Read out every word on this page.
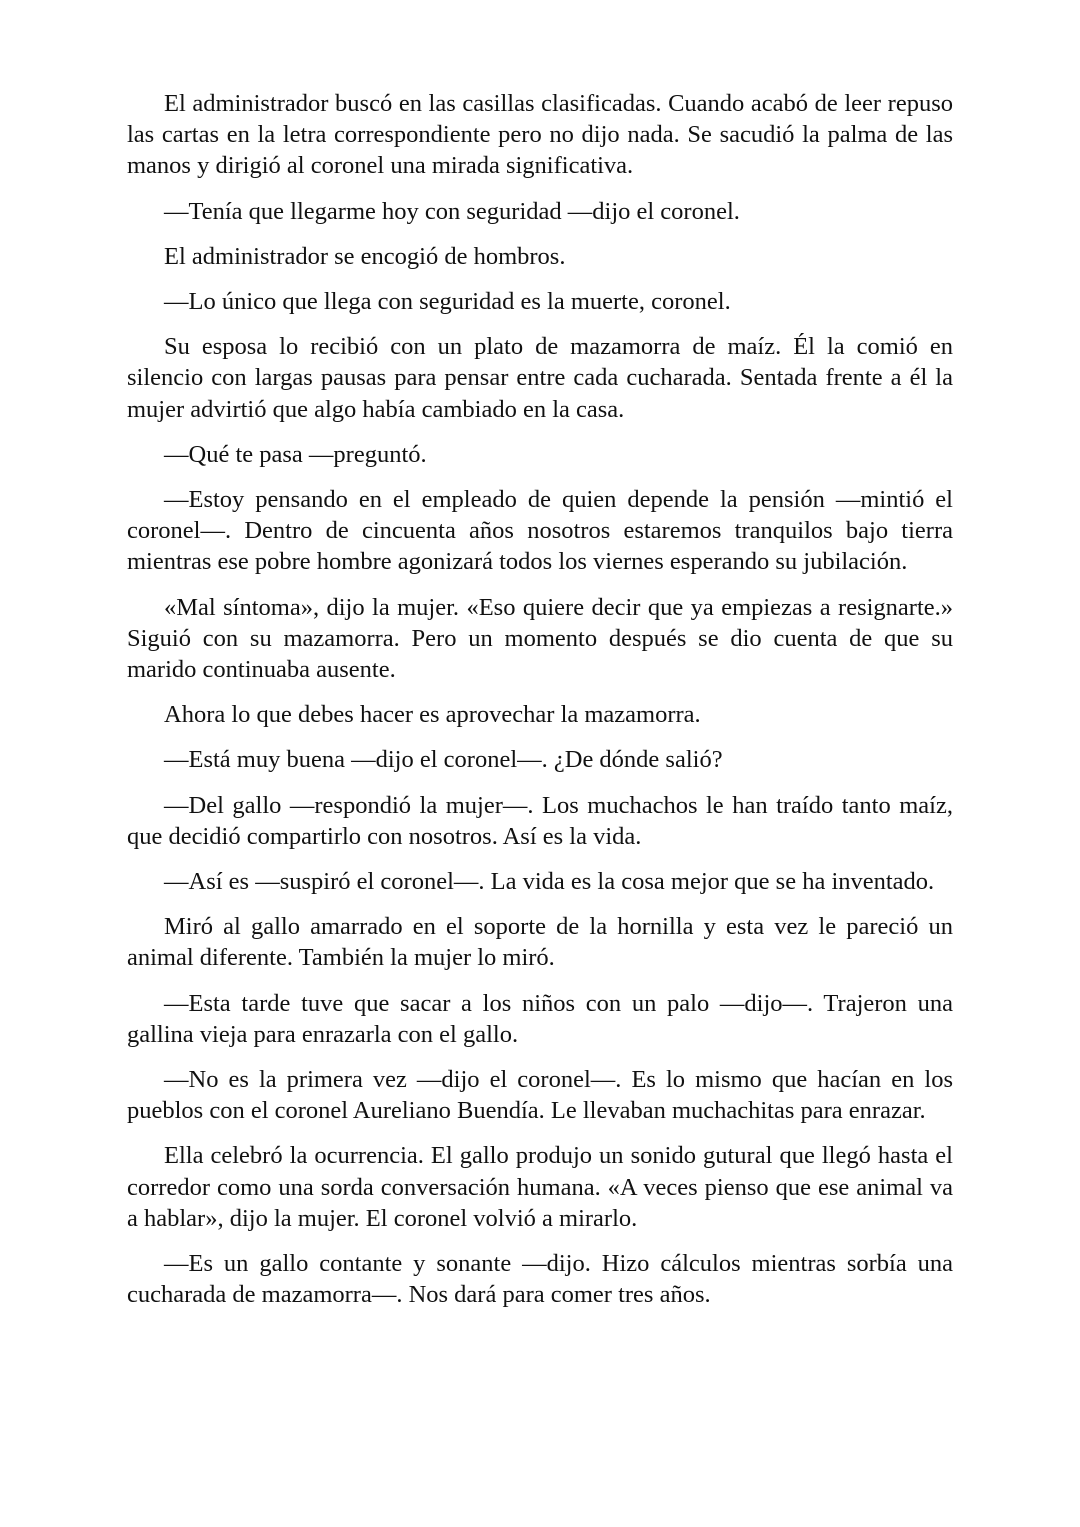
El administrador buscó en las casillas clasificadas. Cuando acabó de leer repuso las cartas en la letra correspondiente pero no dijo nada. Se sacudió la palma de las manos y dirigió al coronel una mirada significativa.

—Tenía que llegarme hoy con seguridad —dijo el coronel.

El administrador se encogió de hombros.

—Lo único que llega con seguridad es la muerte, coronel.

Su esposa lo recibió con un plato de mazamorra de maíz. Él la comió en silencio con largas pausas para pensar entre cada cucharada. Sentada frente a él la mujer advirtió que algo había cambiado en la casa.

—Qué te pasa —preguntó.

—Estoy pensando en el empleado de quien depende la pensión —mintió el coronel—. Dentro de cincuenta años nosotros estaremos tranquilos bajo tierra mientras ese pobre hombre agonizará todos los viernes esperando su jubilación.

«Mal síntoma», dijo la mujer. «Eso quiere decir que ya empiezas a resignarte.» Siguió con su mazamorra. Pero un momento después se dio cuenta de que su marido continuaba ausente.

Ahora lo que debes hacer es aprovechar la mazamorra.

—Está muy buena —dijo el coronel—. ¿De dónde salió?

—Del gallo —respondió la mujer—. Los muchachos le han traído tanto maíz, que decidió compartirlo con nosotros. Así es la vida.

—Así es —suspiró el coronel—. La vida es la cosa mejor que se ha inventado.

Miró al gallo amarrado en el soporte de la hornilla y esta vez le pareció un animal diferente. También la mujer lo miró.

—Esta tarde tuve que sacar a los niños con un palo —dijo—. Trajeron una gallina vieja para enrazarla con el gallo.

—No es la primera vez —dijo el coronel—. Es lo mismo que hacían en los pueblos con el coronel Aureliano Buendía. Le llevaban muchachitas para enrazar.

Ella celebró la ocurrencia. El gallo produjo un sonido gutural que llegó hasta el corredor como una sorda conversación humana. «A veces pienso que ese animal va a hablar», dijo la mujer. El coronel volvió a mirarlo.

—Es un gallo contante y sonante —dijo. Hizo cálculos mientras sorbía una cucharada de mazamorra—. Nos dará para comer tres años.
